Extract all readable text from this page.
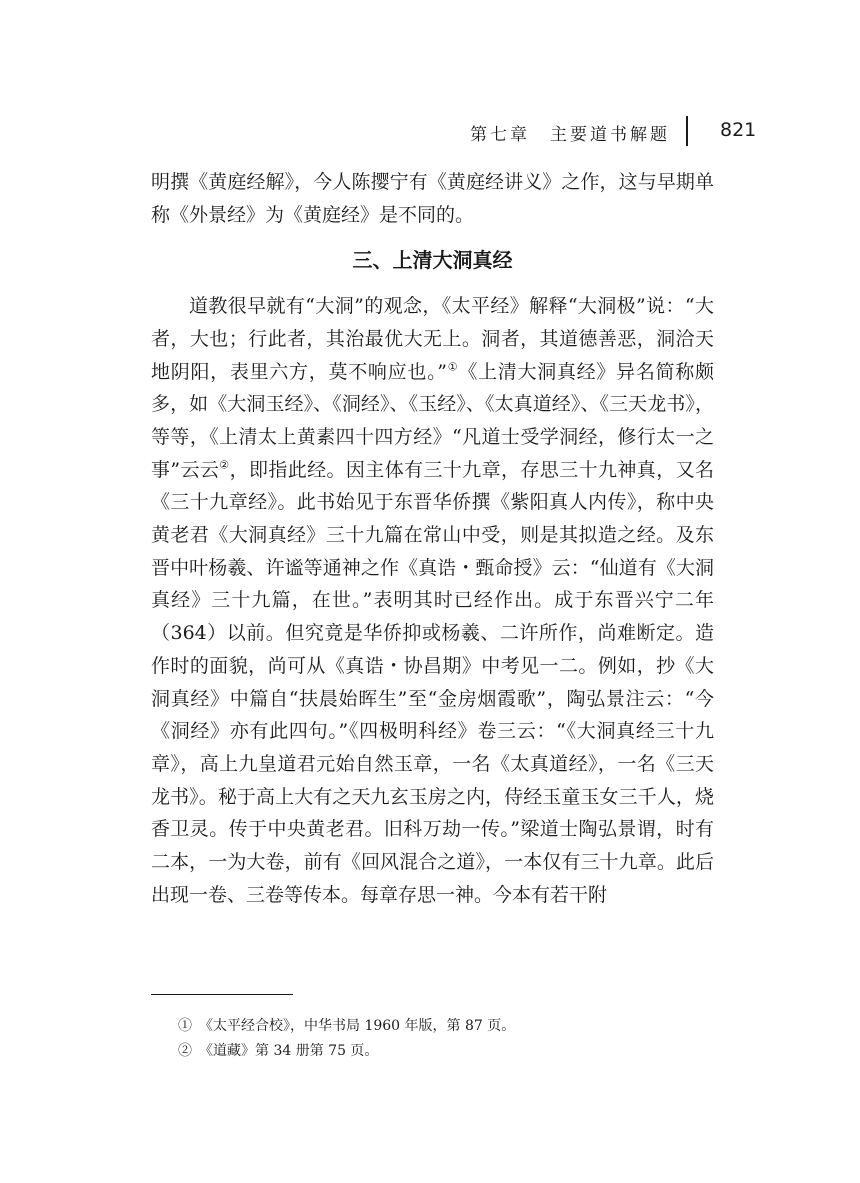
第七章　主要道书解题	821

明撰《黄庭经解》，今人陈撄宁有《黄庭经讲义》之作，这与早期单称《外景经》为《黄庭经》是不同的。

三、上清大洞真经

道教很早就有“大洞”的观念，《太平经》解释“大洞极”说：“大者，大也；行此者，其治最优大无上。洞者，其道德善恶，洞洽天地阴阳，表里六方，莫不响应也。”①《上清大洞真经》异名简称颇多，如《大洞玉经》、《洞经》、《玉经》、《太真道经》、《三天龙书》，等等，《上清太上黄素四十四方经》“凡道士受学洞经，修行太一之事”云云②，即指此经。因主体有三十九章，存思三十九神真，又名《三十九章经》。此书始见于东晋华侨撰《紫阳真人内传》，称中央黄老君《大洞真经》三十九篇在常山中受，则是其拟造之经。及东晋中叶杨羲、许谧等通神之作《真诰・甄命授》云：“仙道有《大洞真经》三十九篇，在世。”表明其时已经作出。成于东晋兴宁二年（364）以前。但究竟是华侨抑或杨羲、二许所作，尚难断定。造作时的面貌，尚可从《真诰・协昌期》中考见一二。例如，抄《大洞真经》中篇自“扶晨始晖生”至“金房烟霞歌”，陶弘景注云：“今《洞经》亦有此四句。”《四极明科经》卷三云：“《大洞真经三十九章》，高上九皇道君元始自然玉章，一名《太真道经》，一名《三天龙书》。秘于高上大有之天九玄玉房之内，侍经玉童玉女三千人，烧香卫灵。传于中央黄老君。旧科万劫一传。”梁道士陶弘景谓，时有二本，一为大卷，前有《回风混合之道》，一本仅有三十九章。此后出现一卷、三卷等传本。每章存思一神。今本有若干附

①　 《太平经合校》，中华书局 1960 年版，第 87 页。
②　 《道藏》第 34 册第 75 页。
